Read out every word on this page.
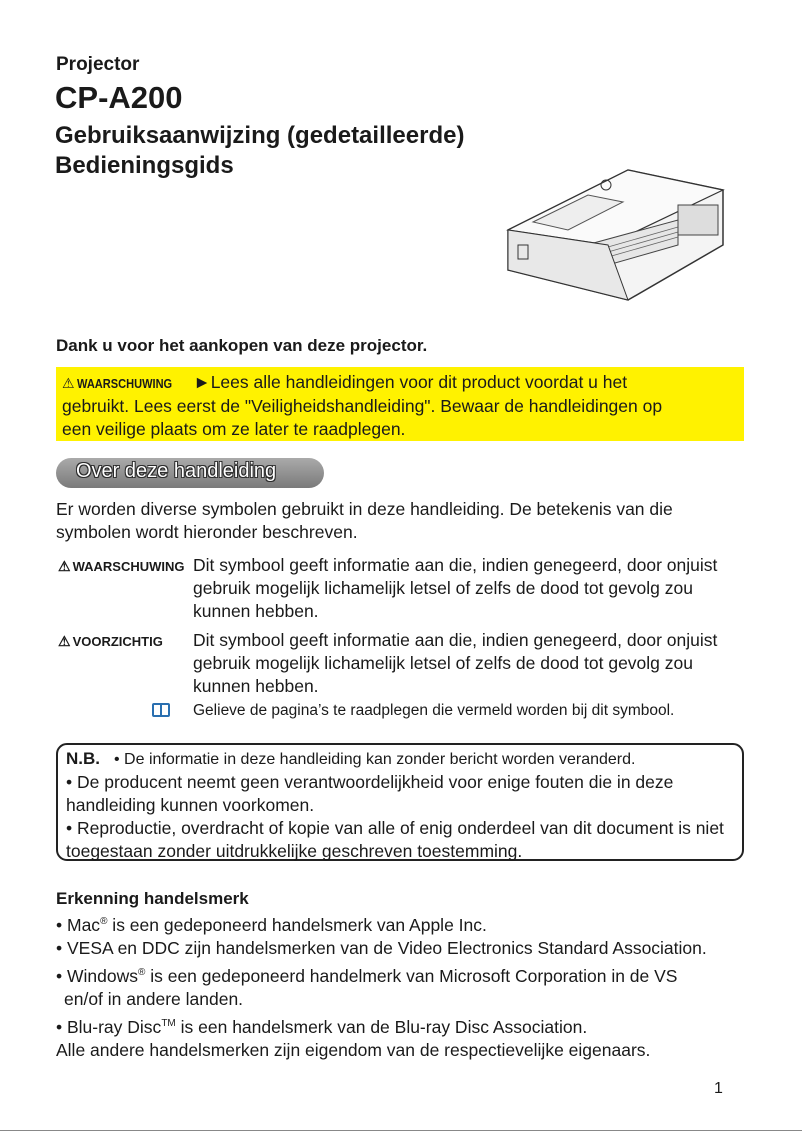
Projector
CP-A200
Gebruiksaanwijzing (gedetailleerde)
Bedieningsgids
Dank u voor het aankopen van deze projector.
⚠ WAARSCHUWING ►Lees alle handleidingen voor dit product voordat u het
gebruikt. Lees eerst de "Veiligheidshandleiding". Bewaar de handleidingen op
een veilige plaats om ze later te raadplegen.
Over deze handleiding
Er worden diverse symbolen gebruikt in deze handleiding. De betekenis van die
symbolen wordt hieronder beschreven.
⚠ WAARSCHUWING Dit symbool geeft informatie aan die, indien genegeerd, door onjuist gebruik mogelijk lichamelijk letsel of zelfs de dood tot gevolg zou kunnen hebben.
⚠ VOORZICHTIG Dit symbool geeft informatie aan die, indien genegeerd, door onjuist gebruik mogelijk lichamelijk letsel of zelfs de dood tot gevolg zou kunnen hebben.
Gelieve de pagina’s te raadplegen die vermeld worden bij dit symbool.
N.B. • De informatie in deze handleiding kan zonder bericht worden veranderd.
• De producent neemt geen verantwoordelijkheid voor enige fouten die in deze handleiding kunnen voorkomen.
• Reproductie, overdracht of kopie van alle of enig onderdeel van dit document is niet toegestaan zonder uitdrukkelijke geschreven toestemming.
Erkenning handelsmerk
• Mac® is een gedeponeerd handelsmerk van Apple Inc.
• VESA en DDC zijn handelsmerken van de Video Electronics Standard Association.
• Windows® is een gedeponeerd handelmerk van Microsoft Corporation in de VS
en/of in andere landen.
• Blu-ray Disc™ is een handelsmerk van de Blu-ray Disc Association.
Alle andere handelsmerken zijn eigendom van de respectievelijke eigenaars.
1
